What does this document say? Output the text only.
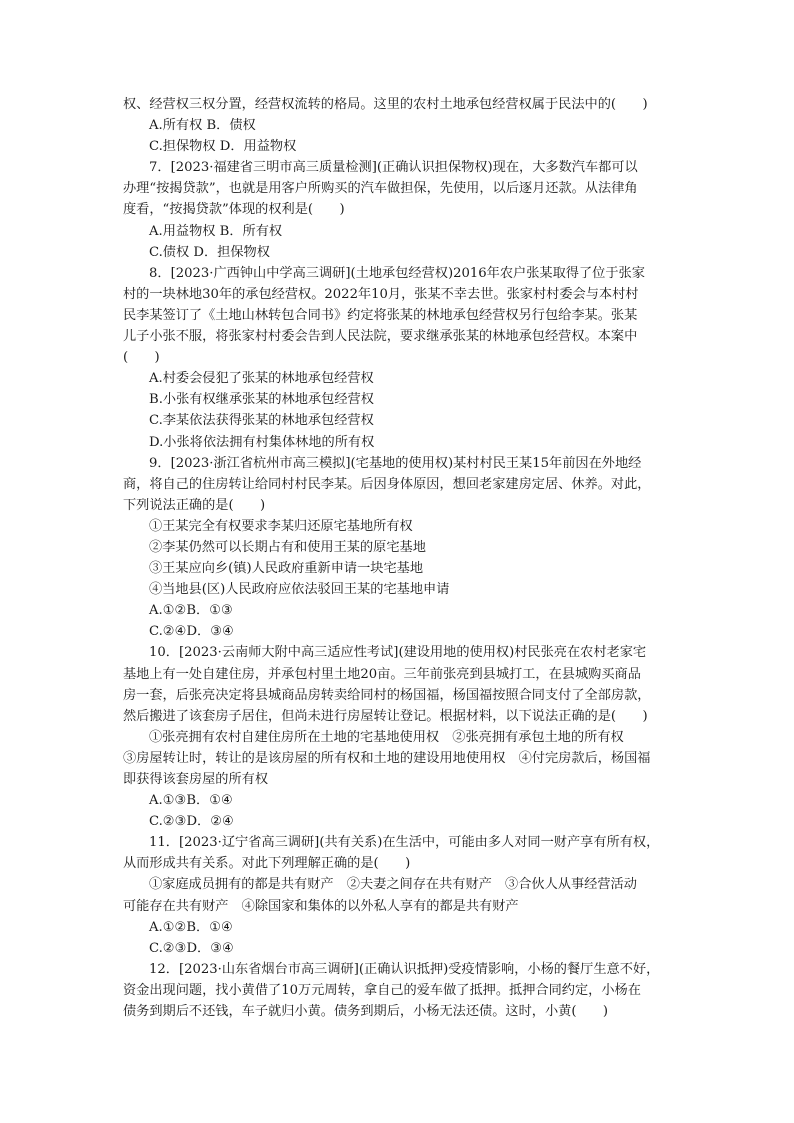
权、经营权三权分置，经营权流转的格局。这里的农村土地承包经营权属于民法中的(　　)
A.所有权 B．债权
C.担保物权 D．用益物权
7．[2023·福建省三明市高三质量检测](正确认识担保物权)现在，大多数汽车都可以
办理“按揭贷款”，也就是用客户所购买的汽车做担保，先使用，以后逐月还款。从法律角
度看，“按揭贷款”体现的权利是(　　)
A.用益物权 B．所有权
C.债权 D．担保物权
8．[2023·广西钟山中学高三调研](土地承包经营权)2016年农户张某取得了位于张家
村的一块林地30年的承包经营权。2022年10月，张某不幸去世。张家村村委会与本村村
民李某签订了《土地山林转包合同书》约定将张某的林地承包经营权另行包给李某。张某
儿子小张不服，将张家村村委会告到人民法院，要求继承张某的林地承包经营权。本案中
(　　)
A.村委会侵犯了张某的林地承包经营权
B.小张有权继承张某的林地承包经营权
C.李某依法获得张某的林地承包经营权
D.小张将依法拥有村集体林地的所有权
9．[2023·浙江省杭州市高三模拟](宅基地的使用权)某村村民王某15年前因在外地经
商，将自己的住房转让给同村村民李某。后因身体原因，想回老家建房定居、休养。对此，
下列说法正确的是(　　)
①王某完全有权要求李某归还原宅基地所有权
②李某仍然可以长期占有和使用王某的原宅基地
③王某应向乡(镇)人民政府重新申请一块宅基地
④当地县(区)人民政府应依法驳回王某的宅基地申请
A.①②B．①③
C.②④D．③④
10．[2023·云南师大附中高三适应性考试](建设用地的使用权)村民张亮在农村老家宅
基地上有一处自建住房，并承包村里土地20亩。三年前张亮到县城打工，在县城购买商品
房一套，后张亮决定将县城商品房转卖给同村的杨国福，杨国福按照合同支付了全部房款，
然后搬进了该套房子居住，但尚未进行房屋转让登记。根据材料，以下说法正确的是(　　)
①张亮拥有农村自建住房所在土地的宅基地使用权　②张亮拥有承包土地的所有权
③房屋转让时，转让的是该房屋的所有权和土地的建设用地使用权　④付完房款后，杨国福
即获得该套房屋的所有权
A.①③B．①④
C.②③D．②④
11．[2023·辽宁省高三调研](共有关系)在生活中，可能由多人对同一财产享有所有权，
从而形成共有关系。对此下列理解正确的是(　　)
①家庭成员拥有的都是共有财产　②夫妻之间存在共有财产　③合伙人从事经营活动
可能存在共有财产　④除国家和集体的以外私人享有的都是共有财产
A.①②B．①④
C.②③D．③④
12．[2023·山东省烟台市高三调研](正确认识抵押)受疫情影响，小杨的餐厅生意不好，
资金出现问题，找小黄借了10万元周转，拿自己的爱车做了抵押。抵押合同约定，小杨在
债务到期后不还钱，车子就归小黄。债务到期后，小杨无法还债。这时，小黄(　　)
